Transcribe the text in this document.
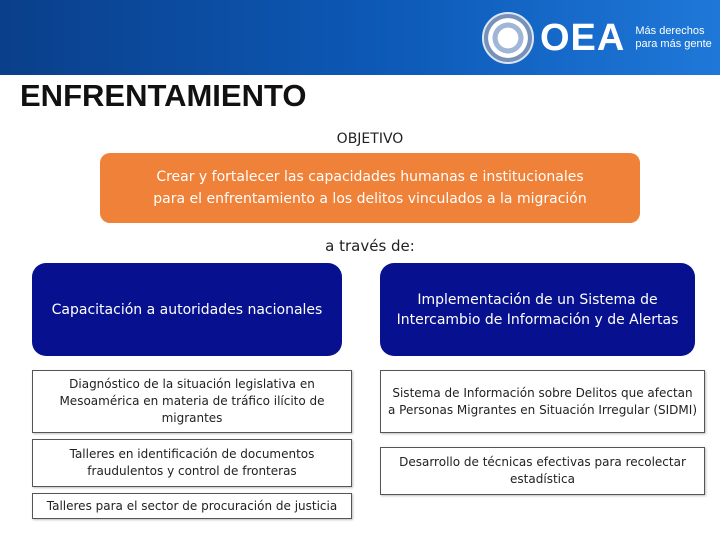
OEA Más derechos
para más gente
ENFRENTAMIENTO
OBJETIVO
Crear y fortalecer las capacidades humanas e institucionales para el enfrentamiento a los delitos vinculados a la migración
a través de:
Capacitación a autoridades nacionales
Implementación de un Sistema de Intercambio de Información y de Alertas
Diagnóstico de la situación legislativa en Mesoamérica en materia de tráfico ilícito de migrantes
Talleres en identificación de documentos fraudulentos y control de fronteras
Talleres para el sector de procuración de justicia
Sistema de Información sobre Delitos que afectan a Personas Migrantes en Situación Irregular (SIDMI)
Desarrollo de técnicas efectivas para recolectar estadística
